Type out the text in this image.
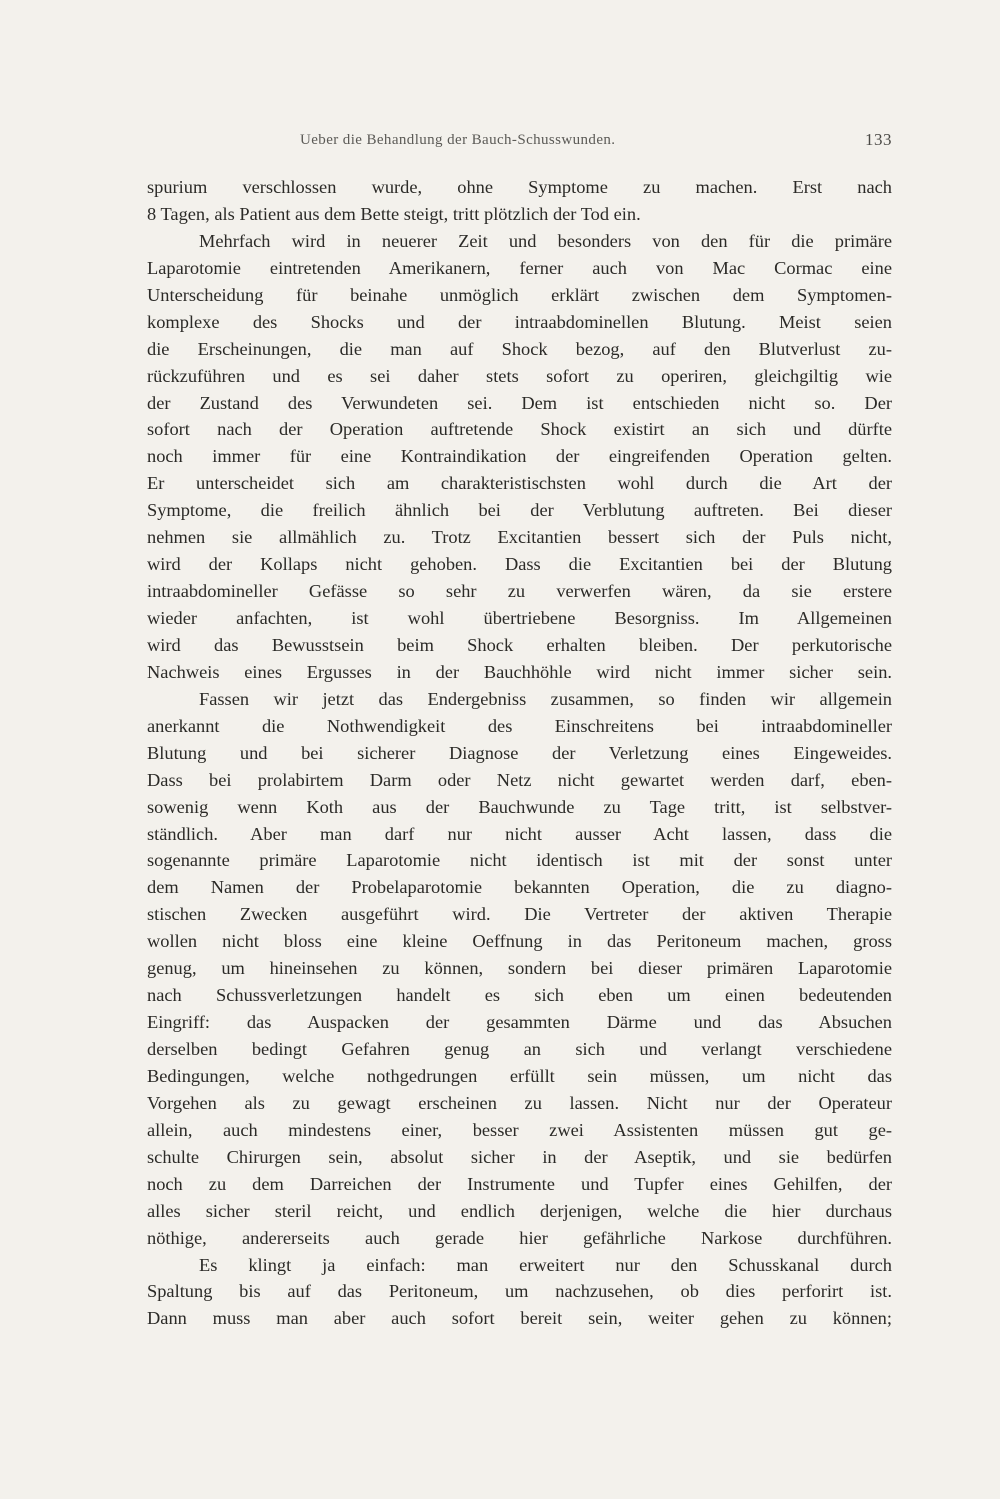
Ueber die Behandlung der Bauch-Schusswunden.	133
spurium verschlossen wurde, ohne Symptome zu machen. Erst nach
8 Tagen, als Patient aus dem Bette steigt, tritt plötzlich der Tod ein.
Mehrfach wird in neuerer Zeit und besonders von den für die primäre
Laparotomie eintretenden Amerikanern, ferner auch von Mac Cormac eine
Unterscheidung für beinahe unmöglich erklärt zwischen dem Symptomen-
komplexe des Shocks und der intraabdominellen Blutung. Meist seien
die Erscheinungen, die man auf Shock bezog, auf den Blutverlust zu-
rückzuführen und es sei daher stets sofort zu operiren, gleichgiltig wie
der Zustand des Verwundeten sei. Dem ist entschieden nicht so. Der
sofort nach der Operation auftretende Shock existirt an sich und dürfte
noch immer für eine Kontraindikation der eingreifenden Operation gelten.
Er unterscheidet sich am charakteristischsten wohl durch die Art der
Symptome, die freilich ähnlich bei der Verblutung auftreten. Bei dieser
nehmen sie allmählich zu. Trotz Excitantien bessert sich der Puls nicht,
wird der Kollaps nicht gehoben. Dass die Excitantien bei der Blutung
intraabdomineller Gefässe so sehr zu verwerfen wären, da sie erstere
wieder anfachten, ist wohl übertriebene Besorgniss. Im Allgemeinen
wird das Bewusstsein beim Shock erhalten bleiben. Der perkutorische
Nachweis eines Ergusses in der Bauchhöhle wird nicht immer sicher sein.
Fassen wir jetzt das Endergebniss zusammen, so finden wir allgemein
anerkannt die Nothwendigkeit des Einschreitens bei intraabdomineller
Blutung und bei sicherer Diagnose der Verletzung eines Eingeweides.
Dass bei prolabirtem Darm oder Netz nicht gewartet werden darf, eben-
sowenig wenn Koth aus der Bauchwunde zu Tage tritt, ist selbstver-
ständlich. Aber man darf nur nicht ausser Acht lassen, dass die
sogenannte primäre Laparotomie nicht identisch ist mit der sonst unter
dem Namen der Probelaparotomie bekannten Operation, die zu diagno-
stischen Zwecken ausgeführt wird. Die Vertreter der aktiven Therapie
wollen nicht bloss eine kleine Oeffnung in das Peritoneum machen, gross
genug, um hineinsehen zu können, sondern bei dieser primären Laparotomie
nach Schussverletzungen handelt es sich eben um einen bedeutenden
Eingriff: das Auspacken der gesammten Därme und das Absuchen
derselben bedingt Gefahren genug an sich und verlangt verschiedene
Bedingungen, welche nothgedrungen erfüllt sein müssen, um nicht das
Vorgehen als zu gewagt erscheinen zu lassen. Nicht nur der Operateur
allein, auch mindestens einer, besser zwei Assistenten müssen gut ge-
schulte Chirurgen sein, absolut sicher in der Aseptik, und sie bedürfen
noch zu dem Darreichen der Instrumente und Tupfer eines Gehilfen, der
alles sicher steril reicht, und endlich derjenigen, welche die hier durchaus
nöthige, andererseits auch gerade hier gefährliche Narkose durchführen.
Es klingt ja einfach: man erweitert nur den Schusskanal durch
Spaltung bis auf das Peritoneum, um nachzusehen, ob dies perforirt ist.
Dann muss man aber auch sofort bereit sein, weiter gehen zu können;
